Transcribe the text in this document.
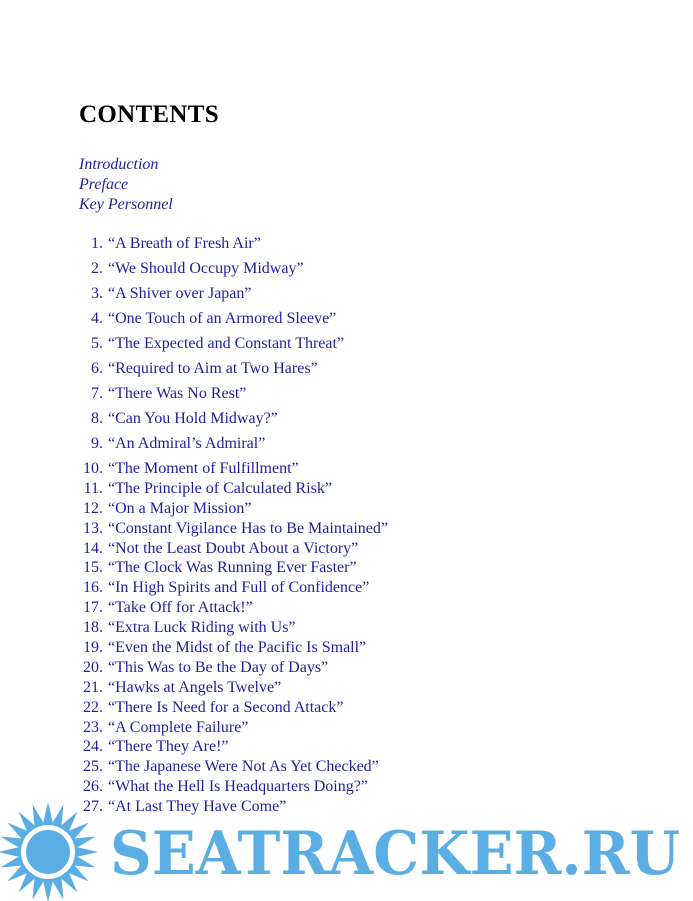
CONTENTS
Introduction
Preface
Key Personnel
1. “A Breath of Fresh Air”
2. “We Should Occupy Midway”
3. “A Shiver over Japan”
4. “One Touch of an Armored Sleeve”
5. “The Expected and Constant Threat”
6. “Required to Aim at Two Hares”
7. “There Was No Rest”
8. “Can You Hold Midway?”
9. “An Admiral’s Admiral”
10. “The Moment of Fulfillment”
11. “The Principle of Calculated Risk”
12. “On a Major Mission”
13. “Constant Vigilance Has to Be Maintained”
14. “Not the Least Doubt About a Victory”
15. “The Clock Was Running Ever Faster”
16. “In High Spirits and Full of Confidence”
17. “Take Off for Attack!”
18. “Extra Luck Riding with Us”
19. “Even the Midst of the Pacific Is Small”
20. “This Was to Be the Day of Days”
21. “Hawks at Angels Twelve”
22. “There Is Need for a Second Attack”
23. “A Complete Failure”
24. “There They Are!”
25. “The Japanese Were Not As Yet Checked”
26. “What the Hell Is Headquarters Doing?”
27. “At Last They Have Come”
SEATRACKER.RU
